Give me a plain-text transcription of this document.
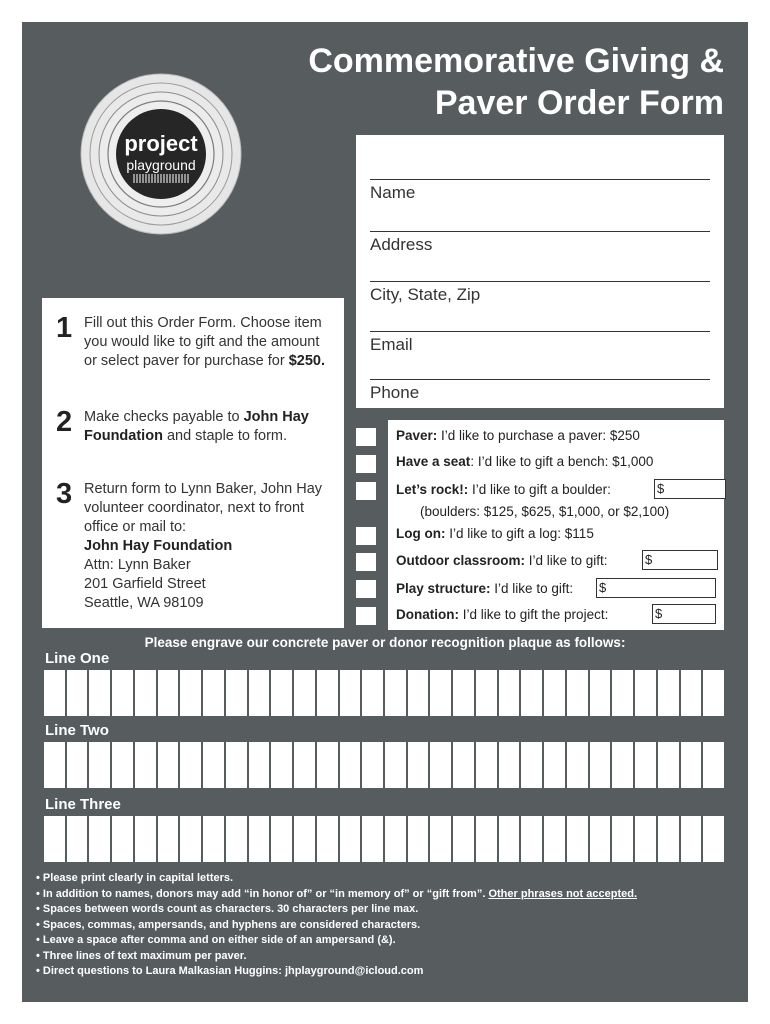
project
playground
Commemorative Giving &
Paver Order Form
Name
Address
City, State, Zip
Email
Phone
1 Fill out this Order Form. Choose item you would like to gift and the amount or select paver for purchase for $250.
2 Make checks payable to John Hay Foundation and staple to form.
3 Return form to Lynn Baker, John Hay volunteer coordinator, next to front office or mail to:
John Hay Foundation
Attn: Lynn Baker
201 Garfield Street
Seattle, WA 98109
Paver: I’d like to purchase a paver: $250
Have a seat: I’d like to gift a bench: $1,000
Let’s rock!: I’d like to gift a boulder:	$
(boulders: $125, $625, $1,000, or $2,100)
Log on: I’d like to gift a log: $115
Outdoor classroom: I’d like to gift:	$
Play structure: I’d like to gift: $
Donation: I’d like to gift the project:	$
Please engrave our concrete paver or donor recognition plaque as follows:
Line One
Line Two
Line Three
• Please print clearly in capital letters.
• In addition to names, donors may add “in honor of” or “in memory of” or “gift from”. Other phrases not accepted.
• Spaces between words count as characters. 30 characters per line max.
• Spaces, commas, ampersands, and hyphens are considered characters.
• Leave a space after comma and on either side of an ampersand (&).
• Three lines of text maximum per paver.
• Direct questions to Laura Malkasian Huggins: jhplayground@icloud.com
